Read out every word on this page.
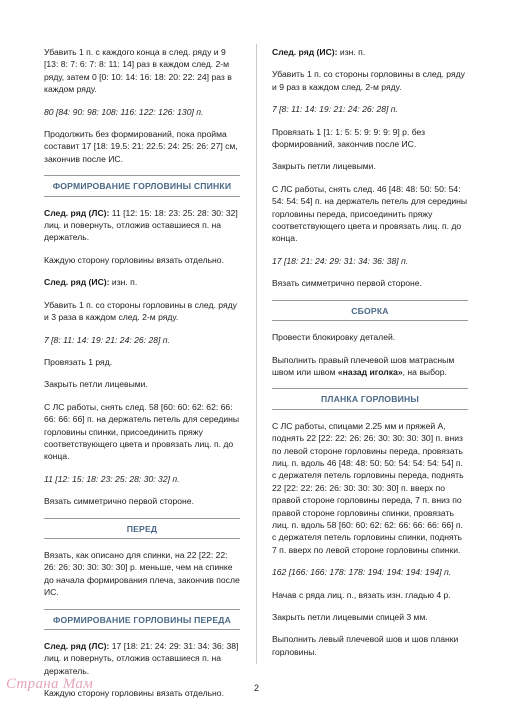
Убавить 1 п. с каждого конца в след. ряду и 9 [13: 8: 7: 6: 7: 8: 11: 14] раз в каждом след. 2-м ряду, затем 0 [0: 10: 14: 16: 18: 20: 22: 24] раз в каждом ряду.

80 [84: 90: 98: 108: 116: 122: 126: 130] п.

Продолжить без формирований, пока пройма составит 17 [18: 19.5: 21: 22.5: 24: 25: 26: 27] см, закончив после ИС.

ФОРМИРОВАНИЕ ГОРЛОВИНЫ СПИНКИ

След. ряд (ЛС): 11 [12: 15: 18: 23: 25: 28: 30: 32] лиц. и повернуть, отложив оставшиеся п. на держатель.

Каждую сторону горловины вязать отдельно.

След. ряд (ИС): изн. п.

Убавить 1 п. со стороны горловины в след. ряду и 3 раза в каждом след. 2-м ряду.

7 [8: 11: 14: 19: 21: 24: 26: 28] п.

Провязать 1 ряд.

Закрыть петли лицевыми.

С ЛС работы, снять след. 58 [60: 60: 62: 62: 66: 66: 66: 66] п. на держатель петель для середины горловины спинки, присоединить пряжу соответствующего цвета и провязать лиц. п. до конца.

11 [12: 15: 18: 23: 25: 28: 30: 32] п.

Вязать симметрично первой стороне.

ПЕРЕД

Вязать, как описано для спинки, на 22 [22: 22: 26: 26: 30: 30: 30: 30] р. меньше, чем на спинке до начала формирования плеча, закончив после ИС.

ФОРМИРОВАНИЕ ГОРЛОВИНЫ ПЕРЕДА

След. ряд (ЛС): 17 [18: 21: 24: 29: 31: 34: 36: 38] лиц. и повернуть, отложив оставшиеся п. на держатель.

Каждую сторону горловины вязать отдельно.

След. ряд (ИС): изн. п.

Убавить 1 п. со стороны горловины в след. ряду и 9 раз в каждом след. 2-м ряду.

7 [8: 11: 14: 19: 21: 24: 26: 28] п.

Провязать 1 [1: 1: 5: 5: 9: 9: 9: 9] р. без формирований, закончив после ИС.

Закрыть петли лицевыми.

С ЛС работы, снять след. 46 [48: 48: 50: 50: 54: 54: 54: 54] п. на держатель петель для середины горловины переда, присоединить пряжу соответствующего цвета и провязать лиц. п. до конца.

17 [18: 21: 24: 29: 31: 34: 36: 38] п.

Вязать симметрично первой стороне.

СБОРКА

Провести блокировку деталей.

Выполнить правый плечевой шов матрасным швом или швом «назад иголка», на выбор.

ПЛАНКА ГОРЛОВИНЫ

С ЛС работы, спицами 2.25 мм и пряжей А, поднять 22 [22: 22: 26: 26: 30: 30: 30: 30] п. вниз по левой стороне горловины переда, провязать лиц. п. вдоль 46 [48: 48: 50: 50: 54: 54: 54: 54] п. с держателя петель горловины переда, поднять 22 [22: 22: 26: 26: 30: 30: 30: 30] п. вверх по правой стороне горловины переда, 7 п. вниз по правой стороне горловины спинки, провязать лиц. п. вдоль 58 [60: 60: 62: 62: 66: 66: 66: 66] п. с держателя петель горловины спинки, поднять 7 п. вверх по левой стороне горловины спинки.

162 [166: 166: 178: 178: 194: 194: 194: 194] п.

Начав с ряда лиц. п., вязать изн. гладью 4 р.

Закрыть петли лицевыми спицей 3 мм.

Выполнить левый плечевой шов и шов планки горловины.

2
Страна Мам
